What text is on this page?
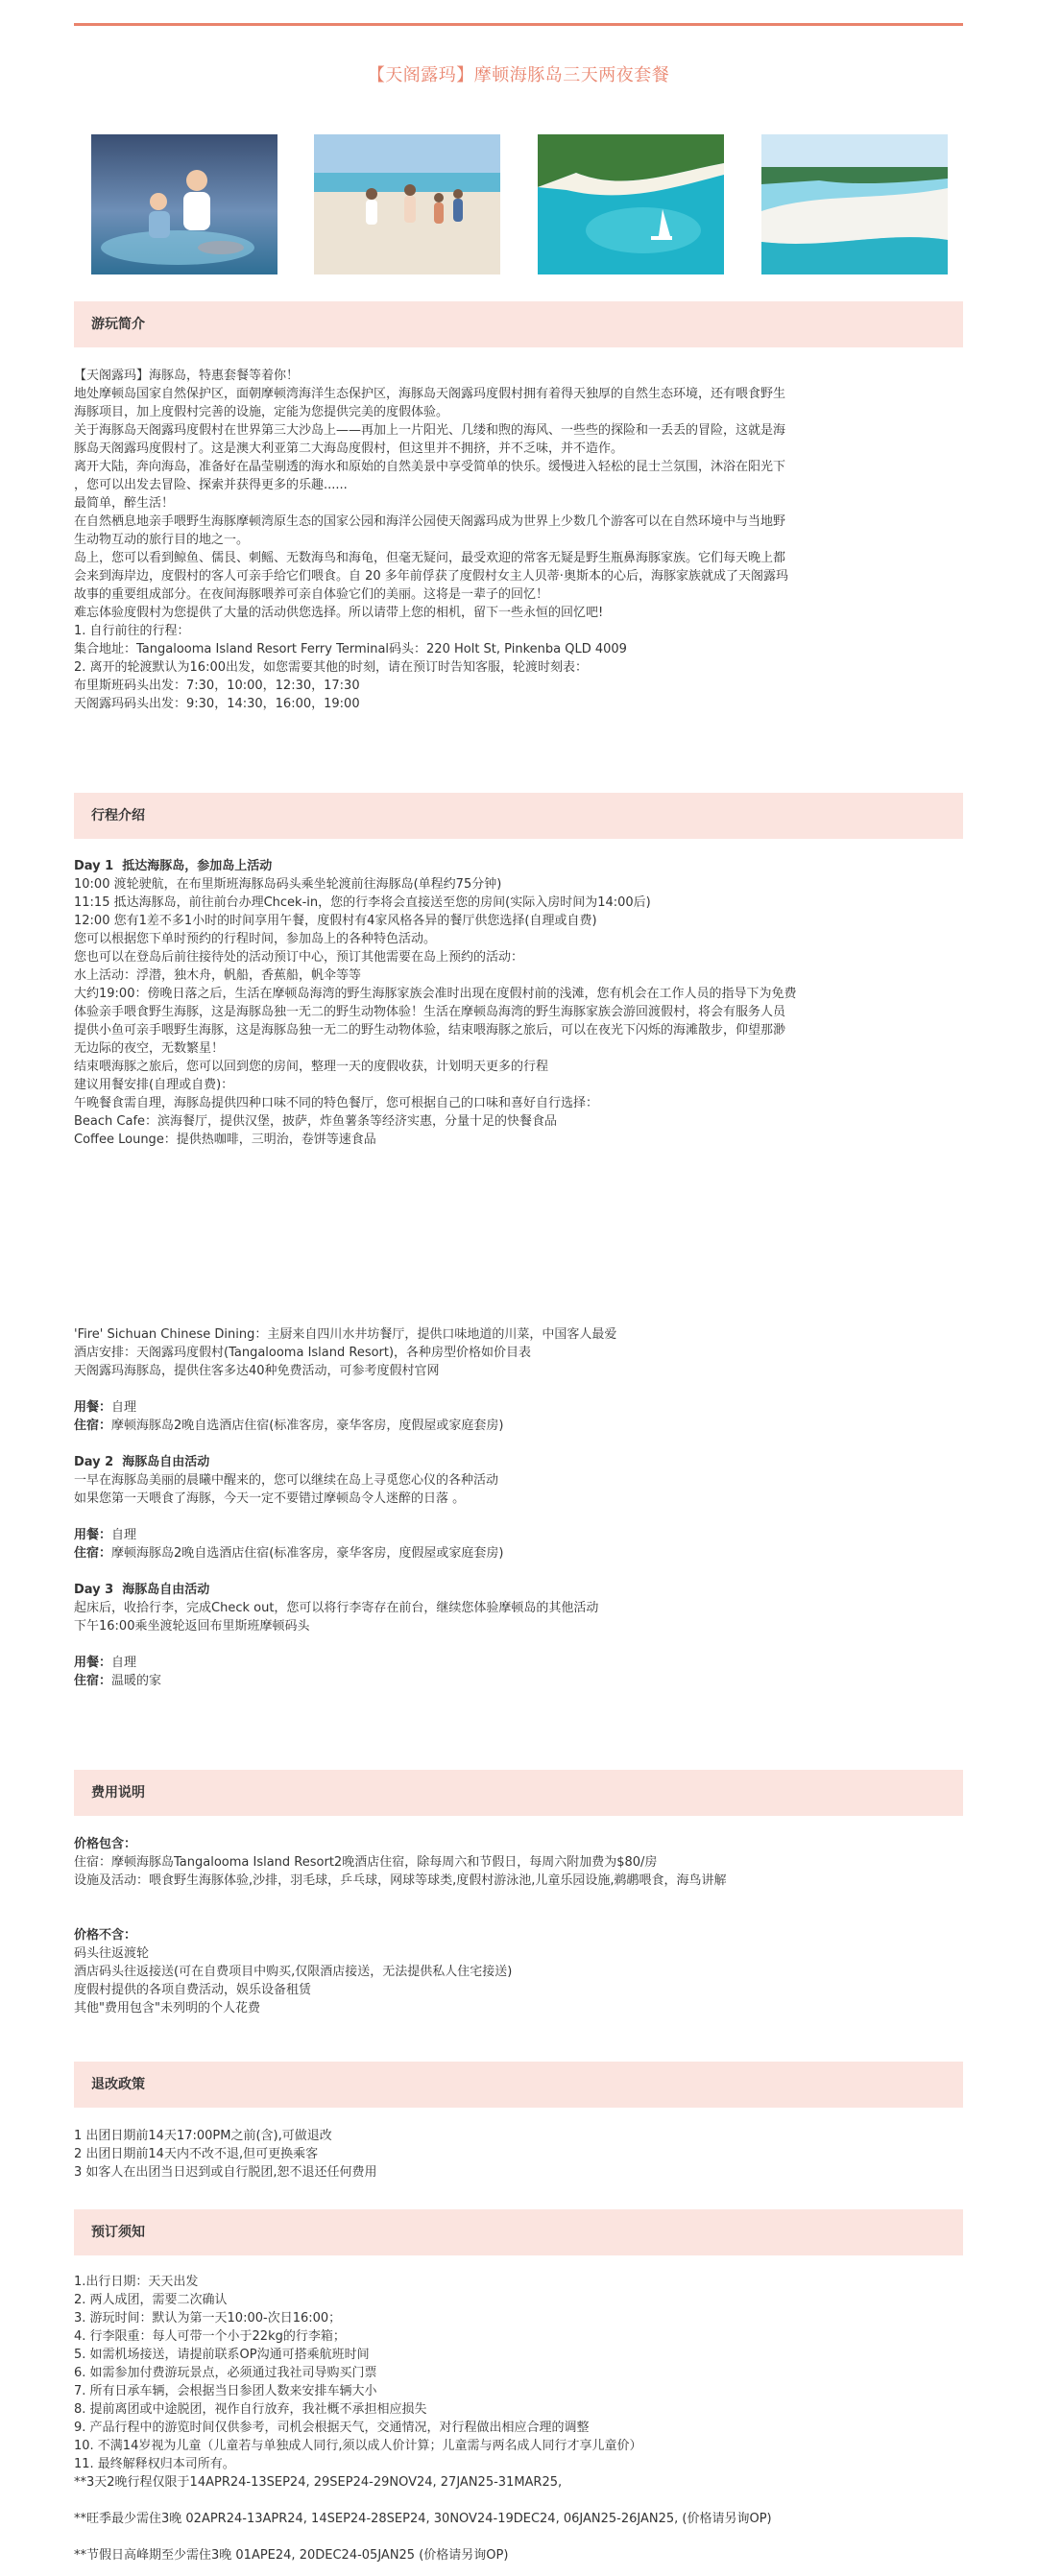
【天阁露玛】摩顿海豚岛三天两夜套餐
游玩简介

【天阁露玛】海豚岛，特惠套餐等着你！

地处摩顿岛国家自然保护区，面朝摩顿湾海洋生态保护区，海豚岛天阁露玛度假村拥有着得天独厚的自然生态环境，还有喂食野生

海豚项目，加上度假村完善的设施，定能为您提供完美的度假体验。

关于海豚岛天阁露玛度假村在世界第三大沙岛上——再加上一片阳光、几缕和煦的海风、一些些的探险和一丢丢的冒险，这就是海

豚岛天阁露玛度假村了。这是澳大利亚第二大海岛度假村，但这里并不拥挤，并不乏味，并不造作。

离开大陆，奔向海岛，准备好在晶莹剔透的海水和原始的自然美景中享受简单的快乐。缓慢进入轻松的昆士兰氛围，沐浴在阳光下

，您可以出发去冒险、探索并获得更多的乐趣......

最简单，醉生活！

在自然栖息地亲手喂野生海豚摩顿湾原生态的国家公园和海洋公园使天阁露玛成为世界上少数几个游客可以在自然环境中与当地野

生动物互动的旅行目的地之一。

岛上，您可以看到鲸鱼、儒艮、刺鳐、无数海鸟和海龟，但毫无疑问，最受欢迎的常客无疑是野生瓶鼻海豚家族。它们每天晚上都

会来到海岸边，度假村的客人可亲手给它们喂食。自 20 多年前俘获了度假村女主人贝蒂·奥斯本的心后，海豚家族就成了天阁露玛

故事的重要组成部分。在夜间海豚喂养可亲自体验它们的美丽。这将是一辈子的回忆！

难忘体验度假村为您提供了大量的活动供您选择。所以请带上您的相机，留下一些永恒的回忆吧!

1. 自行前往的行程：

集合地址：Tangalooma Island Resort Ferry Terminal码头：220 Holt St, Pinkenba QLD 4009

2. 离开的轮渡默认为16:00出发，如您需要其他的时刻，请在预订时告知客服，轮渡时刻表：

布里斯班码头出发：7:30，10:00，12:30，17:30

天阁露玛码头出发：9:30，14:30，16:00，19:00

行程介绍

Day 1  抵达海豚岛，参加岛上活动

10:00 渡轮驶航，在布里斯班海豚岛码头乘坐轮渡前往海豚岛(单程约75分钟)

11:15 抵达海豚岛，前往前台办理Chcek-in，您的行李将会直接送至您的房间(实际入房时间为14:00后)

12:00 您有1差不多1小时的时间享用午餐，度假村有4家风格各异的餐厅供您选择(自理或自费)

您可以根据您下单时预约的行程时间，参加岛上的各种特色活动。

您也可以在登岛后前往接待处的活动预订中心，预订其他需要在岛上预约的活动：

水上活动：浮潜，独木舟，帆船，香蕉船，帆伞等等

大约19:00：傍晚日落之后，生活在摩顿岛海湾的野生海豚家族会准时出现在度假村前的浅滩，您有机会在工作人员的指导下为免费

体验亲手喂食野生海豚，这是海豚岛独一无二的野生动物体验！生活在摩顿岛海湾的野生海豚家族会游回渡假村，将会有服务人员

提供小鱼可亲手喂野生海豚，这是海豚岛独一无二的野生动物体验，结束喂海豚之旅后，可以在夜光下闪烁的海滩散步，仰望那渺

无边际的夜空，无数繁星！

结束喂海豚之旅后，您可以回到您的房间，整理一天的度假收获，计划明天更多的行程

建议用餐安排(自理或自费)：

午晚餐食需自理，海豚岛提供四种口味不同的特色餐厅，您可根据自己的口味和喜好自行选择：

Beach Cafe：滨海餐厅，提供汉堡，披萨，炸鱼薯条等经济实惠，分量十足的快餐食品

Coffee Lounge：提供热咖啡，三明治，卷饼等速食品

'Fire' Sichuan Chinese Dining：主厨来自四川水井坊餐厅，提供口味地道的川菜，中国客人最爱

酒店安排：天阁露玛度假村(Tangalooma Island Resort)，各种房型价格如价目表

天阁露玛海豚岛，提供住客多达40种免费活动，可参考度假村官网

用餐：自理

住宿：摩顿海豚岛2晚自选酒店住宿(标准客房，豪华客房，度假屋或家庭套房)

Day 2  海豚岛自由活动

一早在海豚岛美丽的晨曦中醒来的，您可以继续在岛上寻觅您心仪的各种活动

如果您第一天喂食了海豚，今天一定不要错过摩顿岛令人迷醉的日落 。

用餐：自理

住宿：摩顿海豚岛2晚自选酒店住宿(标准客房，豪华客房，度假屋或家庭套房)

Day 3  海豚岛自由活动

起床后，收拾行李，完成Check out，您可以将行李寄存在前台，继续您体验摩顿岛的其他活动

下午16:00乘坐渡轮返回布里斯班摩顿码头

用餐：自理

住宿：温暖的家

费用说明

价格包含：

住宿：摩顿海豚岛Tangalooma Island Resort2晚酒店住宿，除每周六和节假日，每周六附加费为$80/房

设施及活动：喂食野生海豚体验,沙排，羽毛球，乒乓球，网球等球类,度假村游泳池,儿童乐园设施,鹈鹕喂食，海鸟讲解

价格不含：

码头往返渡轮

酒店码头往返接送(可在自费项目中购买,仅限酒店接送，无法提供私人住宅接送)

度假村提供的各项自费活动，娱乐设备租赁

其他"费用包含"未列明的个人花费

退改政策

1 出团日期前14天17:00PM之前(含),可做退改

2 出团日期前14天内不改不退,但可更换乘客

3 如客人在出团当日迟到或自行脱团,恕不退还任何费用

预订须知

1.出行日期：天天出发

2. 两人成团，需要二次确认

3. 游玩时间：默认为第一天10:00-次日16:00；

4. 行李限重：每人可带一个小于22kg的行李箱；

5. 如需机场接送，请提前联系OP沟通可搭乘航班时间

6. 如需参加付费游玩景点，必须通过我社司导购买门票

7. 所有日承车辆，会根据当日参团人数来安排车辆大小

8. 提前离团或中途脱团，视作自行放弃，我社概不承担相应损失

9. 产品行程中的游览时间仅供参考，司机会根据天气，交通情况，对行程做出相应合理的调整

10. 不满14岁视为儿童（儿童若与单独成人同行,须以成人价计算；儿童需与两名成人同行才享儿童价）

11. 最终解释权归本司所有。

**3天2晚行程仅限于14APR24-13SEP24, 29SEP24-29NOV24, 27JAN25-31MAR25,

**旺季最少需住3晚 02APR24-13APR24, 14SEP24-28SEP24, 30NOV24-19DEC24, 06JAN25-26JAN25, (价格请另询OP)

**节假日高峰期至少需住3晚 01APE24, 20DEC24-05JAN25 (价格请另询OP)
